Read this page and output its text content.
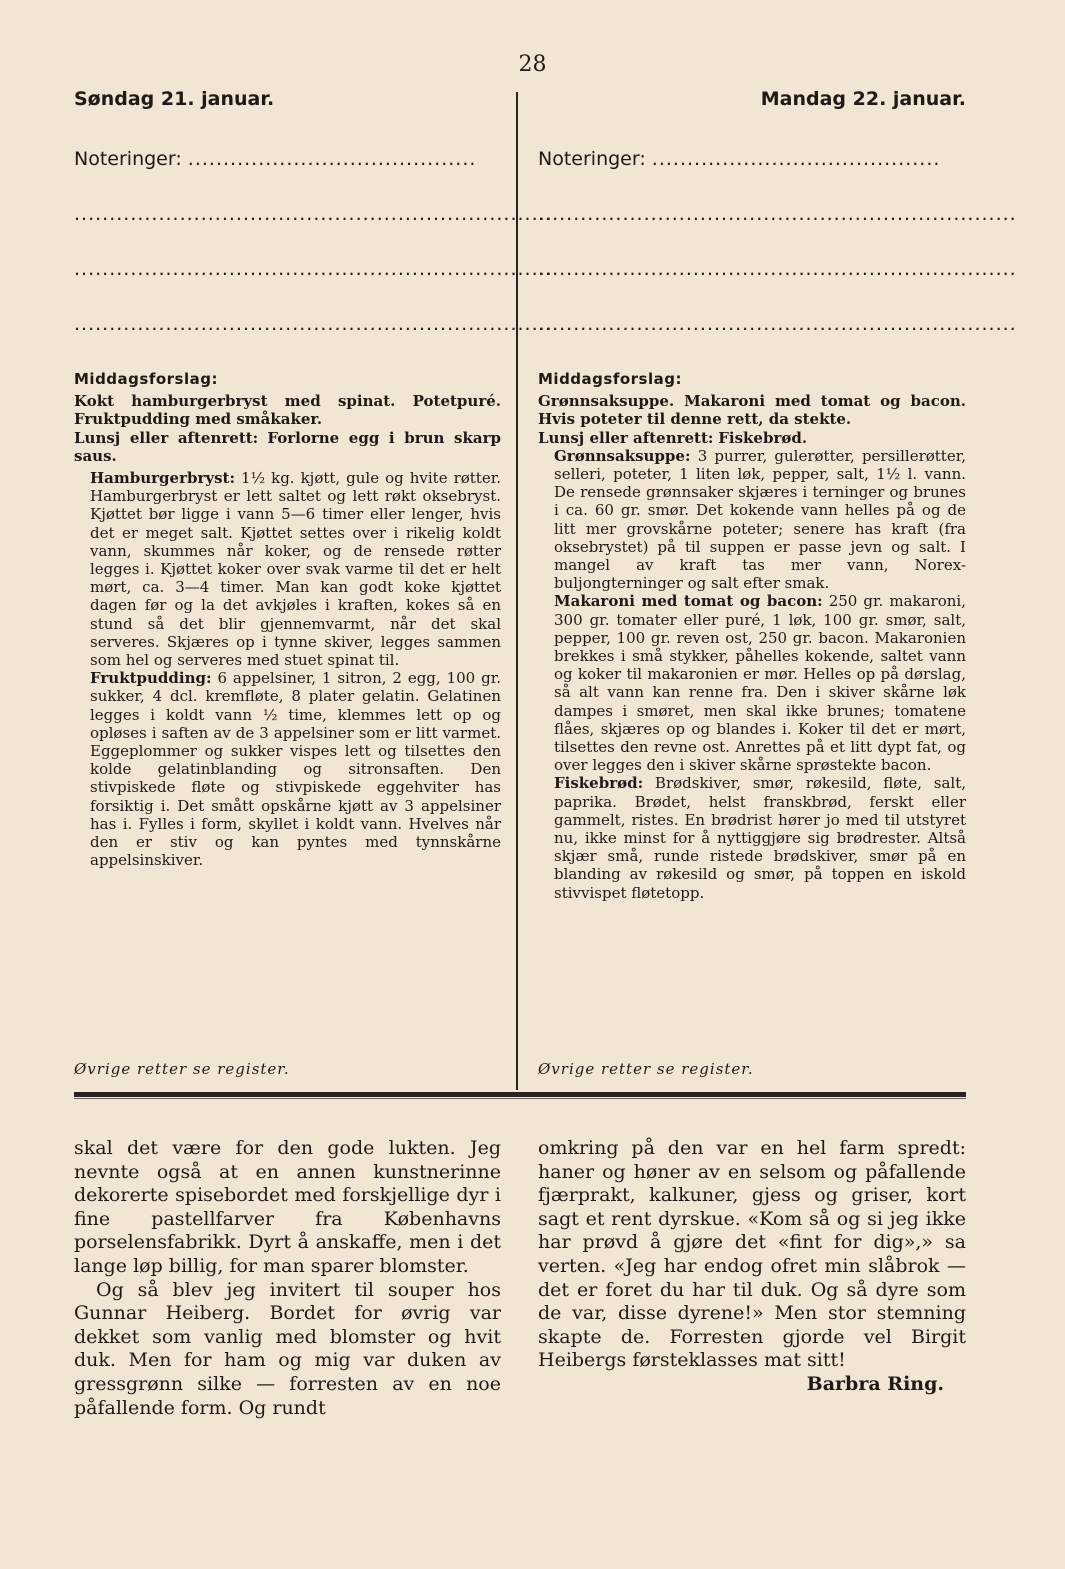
28
Søndag 21. januar.
Noteringer: .........................................
....................................................................
....................................................................
....................................................................
Mandag 22. januar.
Noteringer: .........................................
....................................................................
....................................................................
....................................................................
Middagsforslag:

Kokt hamburgerbryst med spinat. Potetpuré. Fruktpudding med småkaker.

Lunsj eller aftenrett: Forlorne egg i brun skarp saus.

Hamburgerbryst: 1½ kg. kjøtt, gule og hvite røtter. Hamburgerbryst er lett saltet og lett røkt oksebryst. Kjøttet bør ligge i vann 5—6 timer eller lenger, hvis det er meget salt. Kjøttet settes over i rikelig koldt vann, skummes når koker, og de rensede røtter legges i. Kjøttet koker over svak varme til det er helt mørt, ca. 3—4 timer. Man kan godt koke kjøttet dagen før og la det avkjøles i kraften, kokes så en stund så det blir gjennemvarmt, når det skal serveres. Skjæres op i tynne skiver, legges sammen som hel og serveres med stuet spinat til.

Fruktpudding: 6 appelsiner, 1 sitron, 2 egg, 100 gr. sukker, 4 dcl. kremfløte, 8 plater gelatin. Gelatinen legges i koldt vann ½ time, klemmes lett op og opløses i saften av de 3 appelsiner som er litt varmet. Eggeplommer og sukker vispes lett og tilsettes den kolde gelatinblanding og sitronsaften. Den stivpiskede fløte og stivpiskede eggehviter has forsiktig i. Det smått opskårne kjøtt av 3 appelsiner has i. Fylles i form, skyllet i koldt vann. Hvelves når den er stiv og kan pyntes med tynnskårne appelsinskiver.

Middagsforslag:

Grønnsaksuppe. Makaroni med tomat og bacon. Hvis poteter til denne rett, da stekte.

Lunsj eller aftenrett: Fiskebrød.

Grønnsaksuppe: 3 purrer, gulerøtter, persillerøtter, selleri, poteter, 1 liten løk, pepper, salt, 1½ l. vann. De rensede grønnsaker skjæres i terninger og brunes i ca. 60 gr. smør. Det kokende vann helles på og de litt mer grovskårne poteter; senere has kraft (fra oksebrystet) på til suppen er passe jevn og salt. I mangel av kraft tas mer vann, Norex-buljongterninger og salt efter smak.

Makaroni med tomat og bacon: 250 gr. makaroni, 300 gr. tomater eller puré, 1 løk, 100 gr. smør, salt, pepper, 100 gr. reven ost, 250 gr. bacon. Makaronien brekkes i små stykker, påhelles kokende, saltet vann og koker til makaronien er mør. Helles op på dørslag, så alt vann kan renne fra. Den i skiver skårne løk dampes i smøret, men skal ikke brunes; tomatene flåes, skjæres op og blandes i. Koker til det er mørt, tilsettes den revne ost. Anrettes på et litt dypt fat, og over legges den i skiver skårne sprøstekte bacon.

Fiskebrød: Brødskiver, smør, røkesild, fløte, salt, paprika. Brødet, helst franskbrød, ferskt eller gammelt, ristes. En brødrist hører jo med til utstyret nu, ikke minst for å nyttiggjøre sig brødrester. Altså skjær små, runde ristede brødskiver, smør på en blanding av røkesild og smør, på toppen en iskold stivvispet fløtetopp.

Øvrige retter se register.	Øvrige retter se register.

skal det være for den gode lukten. Jeg nevnte også at en annen kunstnerinne dekorerte spisebordet med forskjellige dyr i fine pastellfarver fra Københavns porselensfabrikk. Dyrt å anskaffe, men i det lange løp billig, for man sparer blomster.

Og så blev jeg invitert til souper hos Gunnar Heiberg. Bordet for øvrig var dekket som vanlig med blomster og hvit duk. Men for ham og mig var duken av gressgrønn silke — forresten av en noe påfallende form. Og rundt

omkring på den var en hel farm spredt: haner og høner av en selsom og påfallende fjærprakt, kalkuner, gjess og griser, kort sagt et rent dyrskue. «Kom så og si jeg ikke har prøvd å gjøre det «fint for dig»,» sa verten. «Jeg har endog ofret min slåbrok — det er foret du har til duk. Og så dyre som de var, disse dyrene!» Men stor stemning skapte de. Forresten gjorde vel Birgit Heibergs førsteklasses mat sitt!

Barbra Ring.
